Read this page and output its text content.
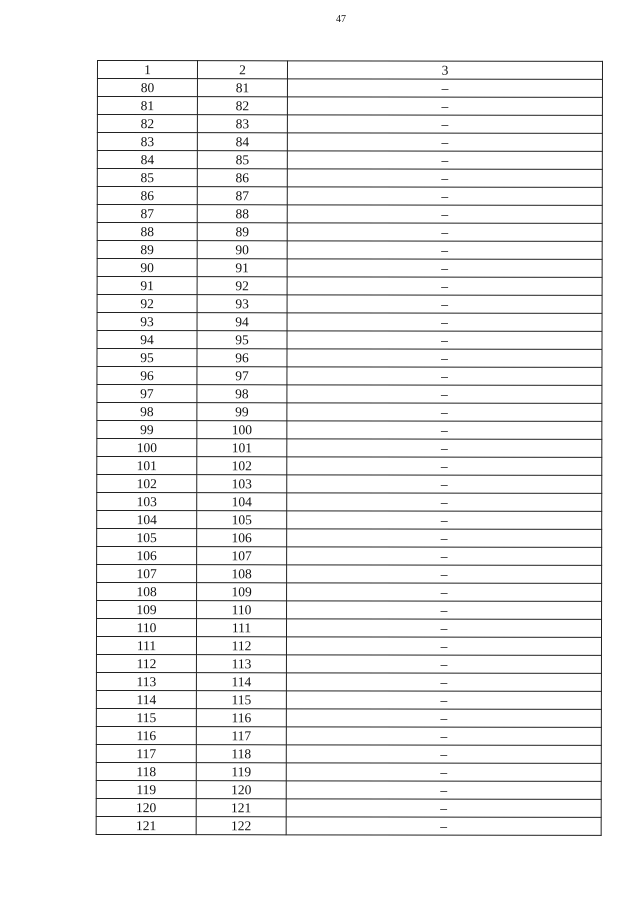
47
1	2	3
80	81	–
81	82	–
82	83	–
83	84	–
84	85	–
85	86	–
86	87	–
87	88	–
88	89	–
89	90	–
90	91	–
91	92	–
92	93	–
93	94	–
94	95	–
95	96	–
96	97	–
97	98	–
98	99	–
99	100	–
100	101	–
101	102	–
102	103	–
103	104	–
104	105	–
105	106	–
106	107	–
107	108	–
108	109	–
109	110	–
110	111	–
111	112	–
112	113	–
113	114	–
114	115	–
115	116	–
116	117	–
117	118	–
118	119	–
119	120	–
120	121	–
121	122	–
